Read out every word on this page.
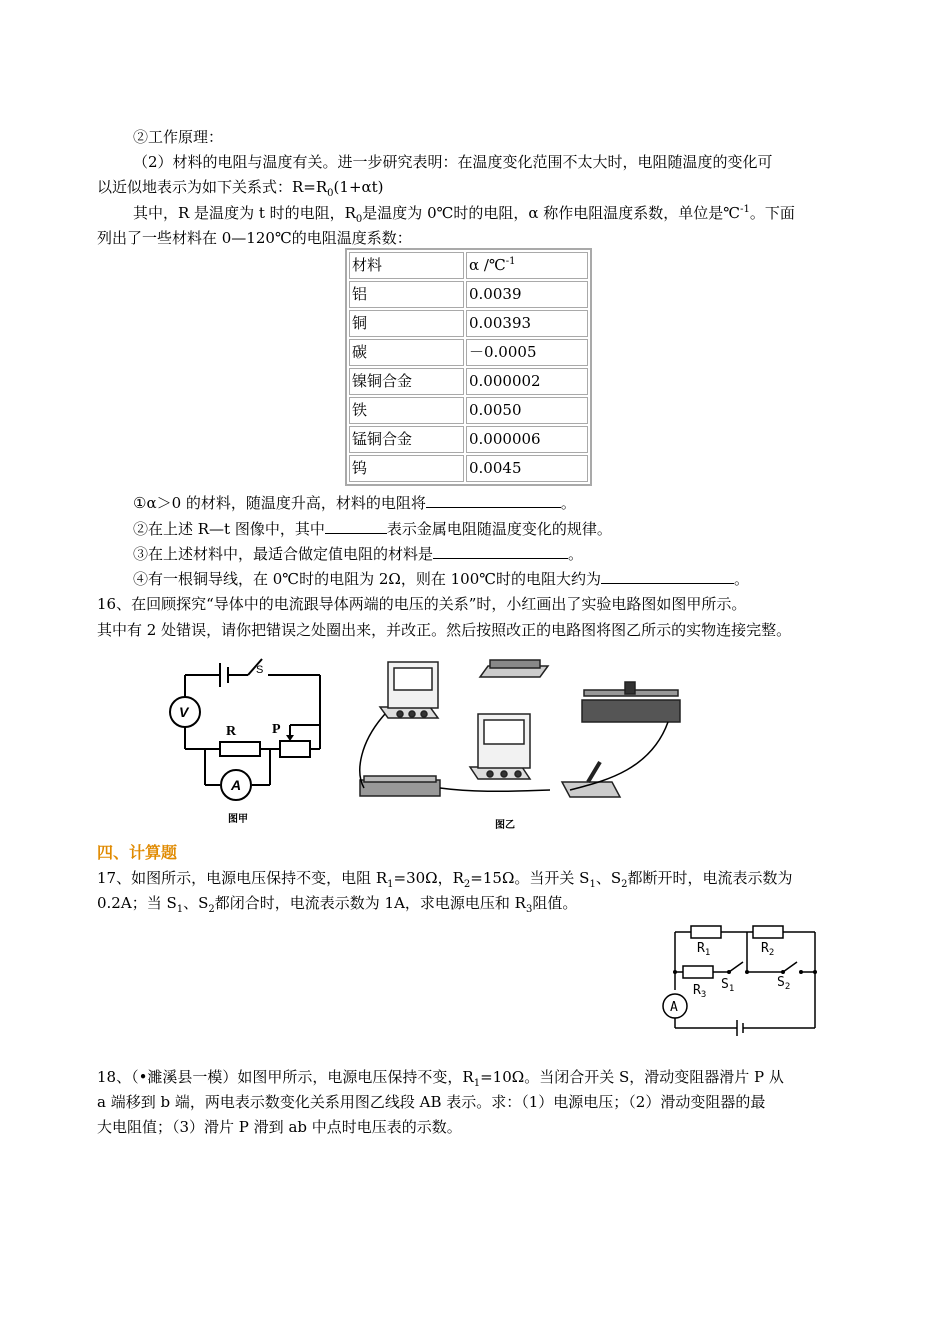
②工作原理：
（2）材料的电阻与温度有关。进一步研究表明：在温度变化范围不太大时，电阻随温度的变化可
以近似地表示为如下关系式：$R=R_0(1+\alpha t)$
其中，R 是温度为 t 时的电阻，$R_0$是温度为 0℃时的电阻，α 称作电阻温度系数，单位是℃$^{-1}$。下面
列出了一些材料在 0—120℃的电阻温度系数：
材料	α /℃$^{-1}$
铝	0.0039
铜	0.00393
碳	－0.0005
镍铜合金	0.000002
铁	0.0050
锰铜合金	0.000006
钨	0.0045
①α＞0 的材料，随温度升高，材料的电阻将	。
②在上述 R—t 图像中，其中	表示金属电阻随温度变化的规律。
③在上述材料中，最适合做定值电阻的材料是	。
④有一根铜导线，在 0℃时的电阻为 2Ω，则在 100℃时的电阻大约为	。
16、在回顾探究“导体中的电流跟导体两端的电压的关系”时，小红画出了实验电路图如图甲所示。
其中有 2 处错误，请你把错误之处圈出来，并改正。然后按照改正的电路图将图乙所示的实物连接完整。
S
V
R	P
A
图甲
图乙
四、计算题
17、如图所示，电源电压保持不变，电阻 $R_1=30\Omega$，$R_2=15\Omega$。当开关 $S_1$、$S_2$都断开时，电流表示数为
0.2A；当 $S_1$、$S_2$都闭合时，电流表示数为 1A，求电源电压和 $R_3$阻值。
$R_1$	$R_2$
$R_3$
$S_1$	$S_2$
A
18、（•濉溪县一模）如图甲所示，电源电压保持不变，$R_1=10\Omega$。当闭合开关 S，滑动变阻器滑片 P 从
a 端移到 b 端，两电表示数变化关系用图乙线段 AB 表示。求：（1）电源电压；（2）滑动变阻器的最
大电阻值；（3）滑片 P 滑到 ab 中点时电压表的示数。
